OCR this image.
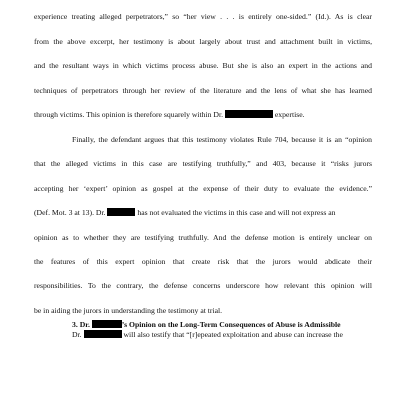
experience treating alleged perpetrators,” so “her view . . . is entirely one-sided.” (Id.). As is clear
from the above excerpt, her testimony is about largely about trust and attachment built in victims,
and the resultant ways in which victims process abuse. But she is also an expert in the actions and
techniques of perpetrators through her review of the literature and the lens of what she has learned
through victims. This opinion is therefore squarely within Dr.	expertise.
Finally, the defendant argues that this testimony violates Rule 704, because it is an “opinion
that the alleged victims in this case are testifying truthfully,” and 403, because it “risks jurors
accepting her ‘expert’ opinion as gospel at the expense of their duty to evaluate the evidence.”
(Def. Mot. 3 at 13). Dr.	has not evaluated the victims in this case and will not express an
opinion as to whether they are testifying truthfully. And the defense motion is entirely unclear on
the features of this expert opinion that create risk that the jurors would abdicate their
responsibilities. To the contrary, the defense concerns underscore how relevant this opinion will
be in aiding the jurors in understanding the testimony at trial.
3. Dr.	’s Opinion on the Long-Term Consequences of Abuse is Admissible
Dr.	will also testify that “[r]epeated exploitation and abuse can increase the
